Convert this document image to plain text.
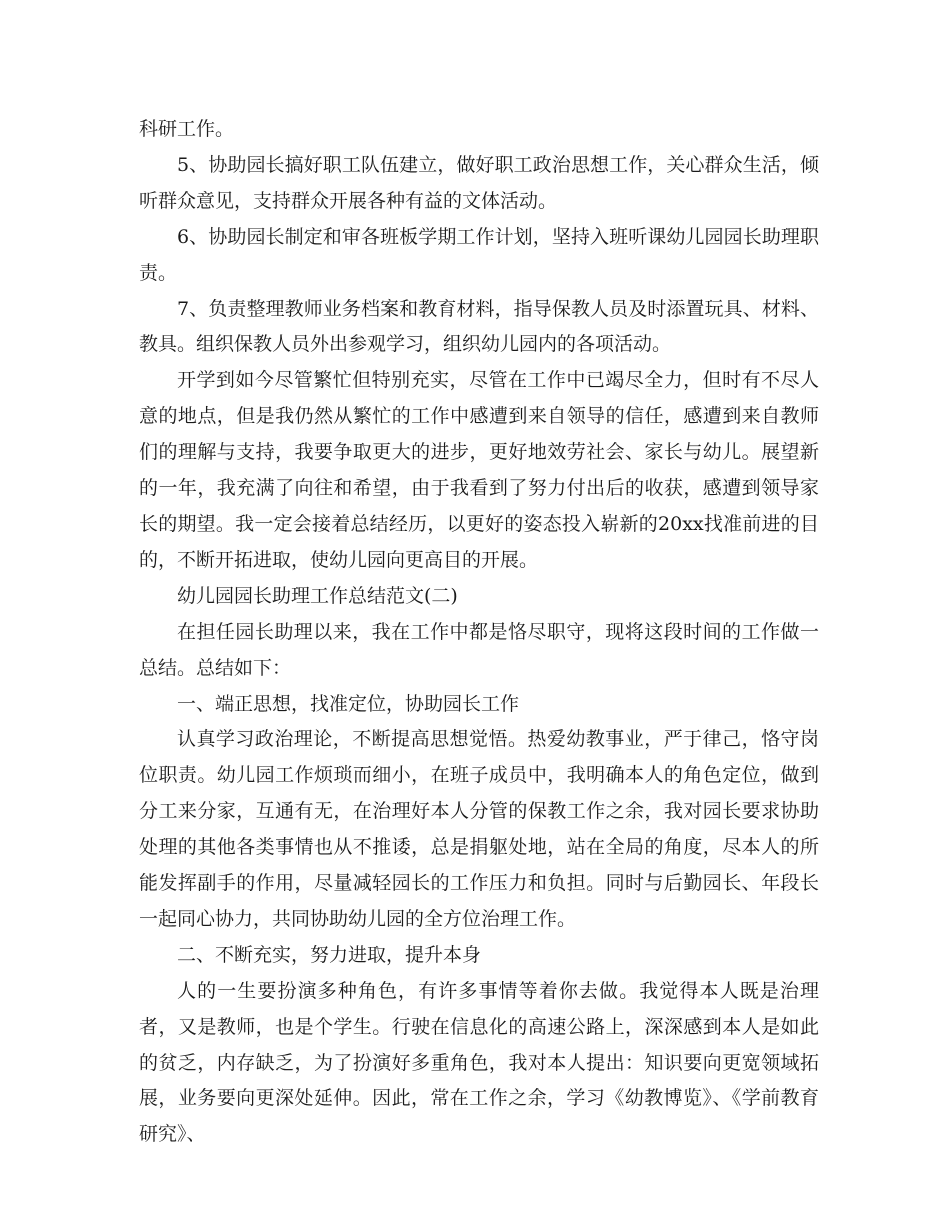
科研工作。

5、协助园长搞好职工队伍建立，做好职工政治思想工作，关心群众生活，倾听群众意见，支持群众开展各种有益的文体活动。

6、协助园长制定和审各班板学期工作计划，坚持入班听课幼儿园园长助理职责。

7、负责整理教师业务档案和教育材料，指导保教人员及时添置玩具、材料、教具。组织保教人员外出参观学习，组织幼儿园内的各项活动。

开学到如今尽管繁忙但特别充实，尽管在工作中已竭尽全力，但时有不尽人意的地点，但是我仍然从繁忙的工作中感遭到来自领导的信任，感遭到来自教师们的理解与支持，我要争取更大的进步，更好地效劳社会、家长与幼儿。展望新的一年，我充满了向往和希望，由于我看到了努力付出后的收获，感遭到领导家长的期望。我一定会接着总结经历，以更好的姿态投入崭新的20xx找准前进的目的，不断开拓进取，使幼儿园向更高目的开展。

幼儿园园长助理工作总结范文(二)

在担任园长助理以来，我在工作中都是恪尽职守，现将这段时间的工作做一总结。总结如下：

一、端正思想，找准定位，协助园长工作

认真学习政治理论，不断提高思想觉悟。热爱幼教事业，严于律己，恪守岗位职责。幼儿园工作烦琐而细小，在班子成员中，我明确本人的角色定位，做到分工来分家，互通有无，在治理好本人分管的保教工作之余，我对园长要求协助处理的其他各类事情也从不推诿，总是捐躯处地，站在全局的角度，尽本人的所能发挥副手的作用，尽量减轻园长的工作压力和负担。同时与后勤园长、年段长一起同心协力，共同协助幼儿园的全方位治理工作。

二、不断充实，努力进取，提升本身

人的一生要扮演多种角色，有许多事情等着你去做。我觉得本人既是治理者，又是教师，也是个学生。行驶在信息化的高速公路上，深深感到本人是如此的贫乏，内存缺乏，为了扮演好多重角色，我对本人提出：知识要向更宽领域拓展，业务要向更深处延伸。因此，常在工作之余，学习《幼教博览》、《学前教育研究》、
